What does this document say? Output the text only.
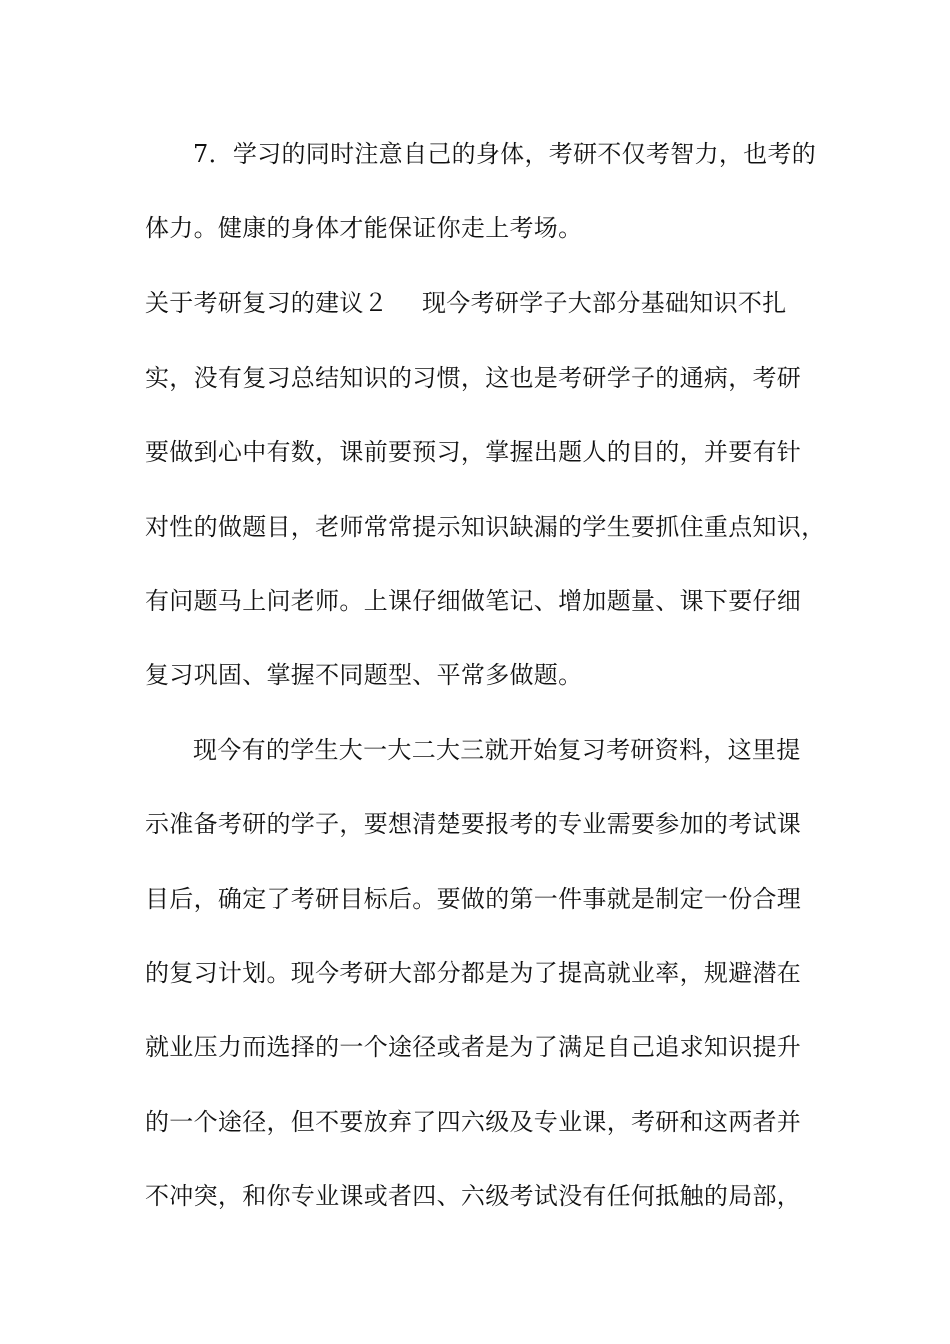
7．学习的同时注意自己的身体，考研不仅考智力，也考的
体力。健康的身体才能保证你走上考场。
关于考研复习的建议２ 现今考研学子大部分基础知识不扎
实，没有复习总结知识的习惯，这也是考研学子的通病，考研
要做到心中有数，课前要预习，掌握出题人的目的，并要有针
对性的做题目，老师常常提示知识缺漏的学生要抓住重点知识，
有问题马上问老师。上课仔细做笔记、增加题量、课下要仔细
复习巩固、掌握不同题型、平常多做题。
现今有的学生大一大二大三就开始复习考研资料，这里提
示准备考研的学子，要想清楚要报考的专业需要参加的考试课
目后，确定了考研目标后。要做的第一件事就是制定一份合理
的复习计划。现今考研大部分都是为了提高就业率，规避潜在
就业压力而选择的一个途径或者是为了满足自己追求知识提升
的一个途径，但不要放弃了四六级及专业课，考研和这两者并
不冲突，和你专业课或者四、六级考试没有任何抵触的局部，
